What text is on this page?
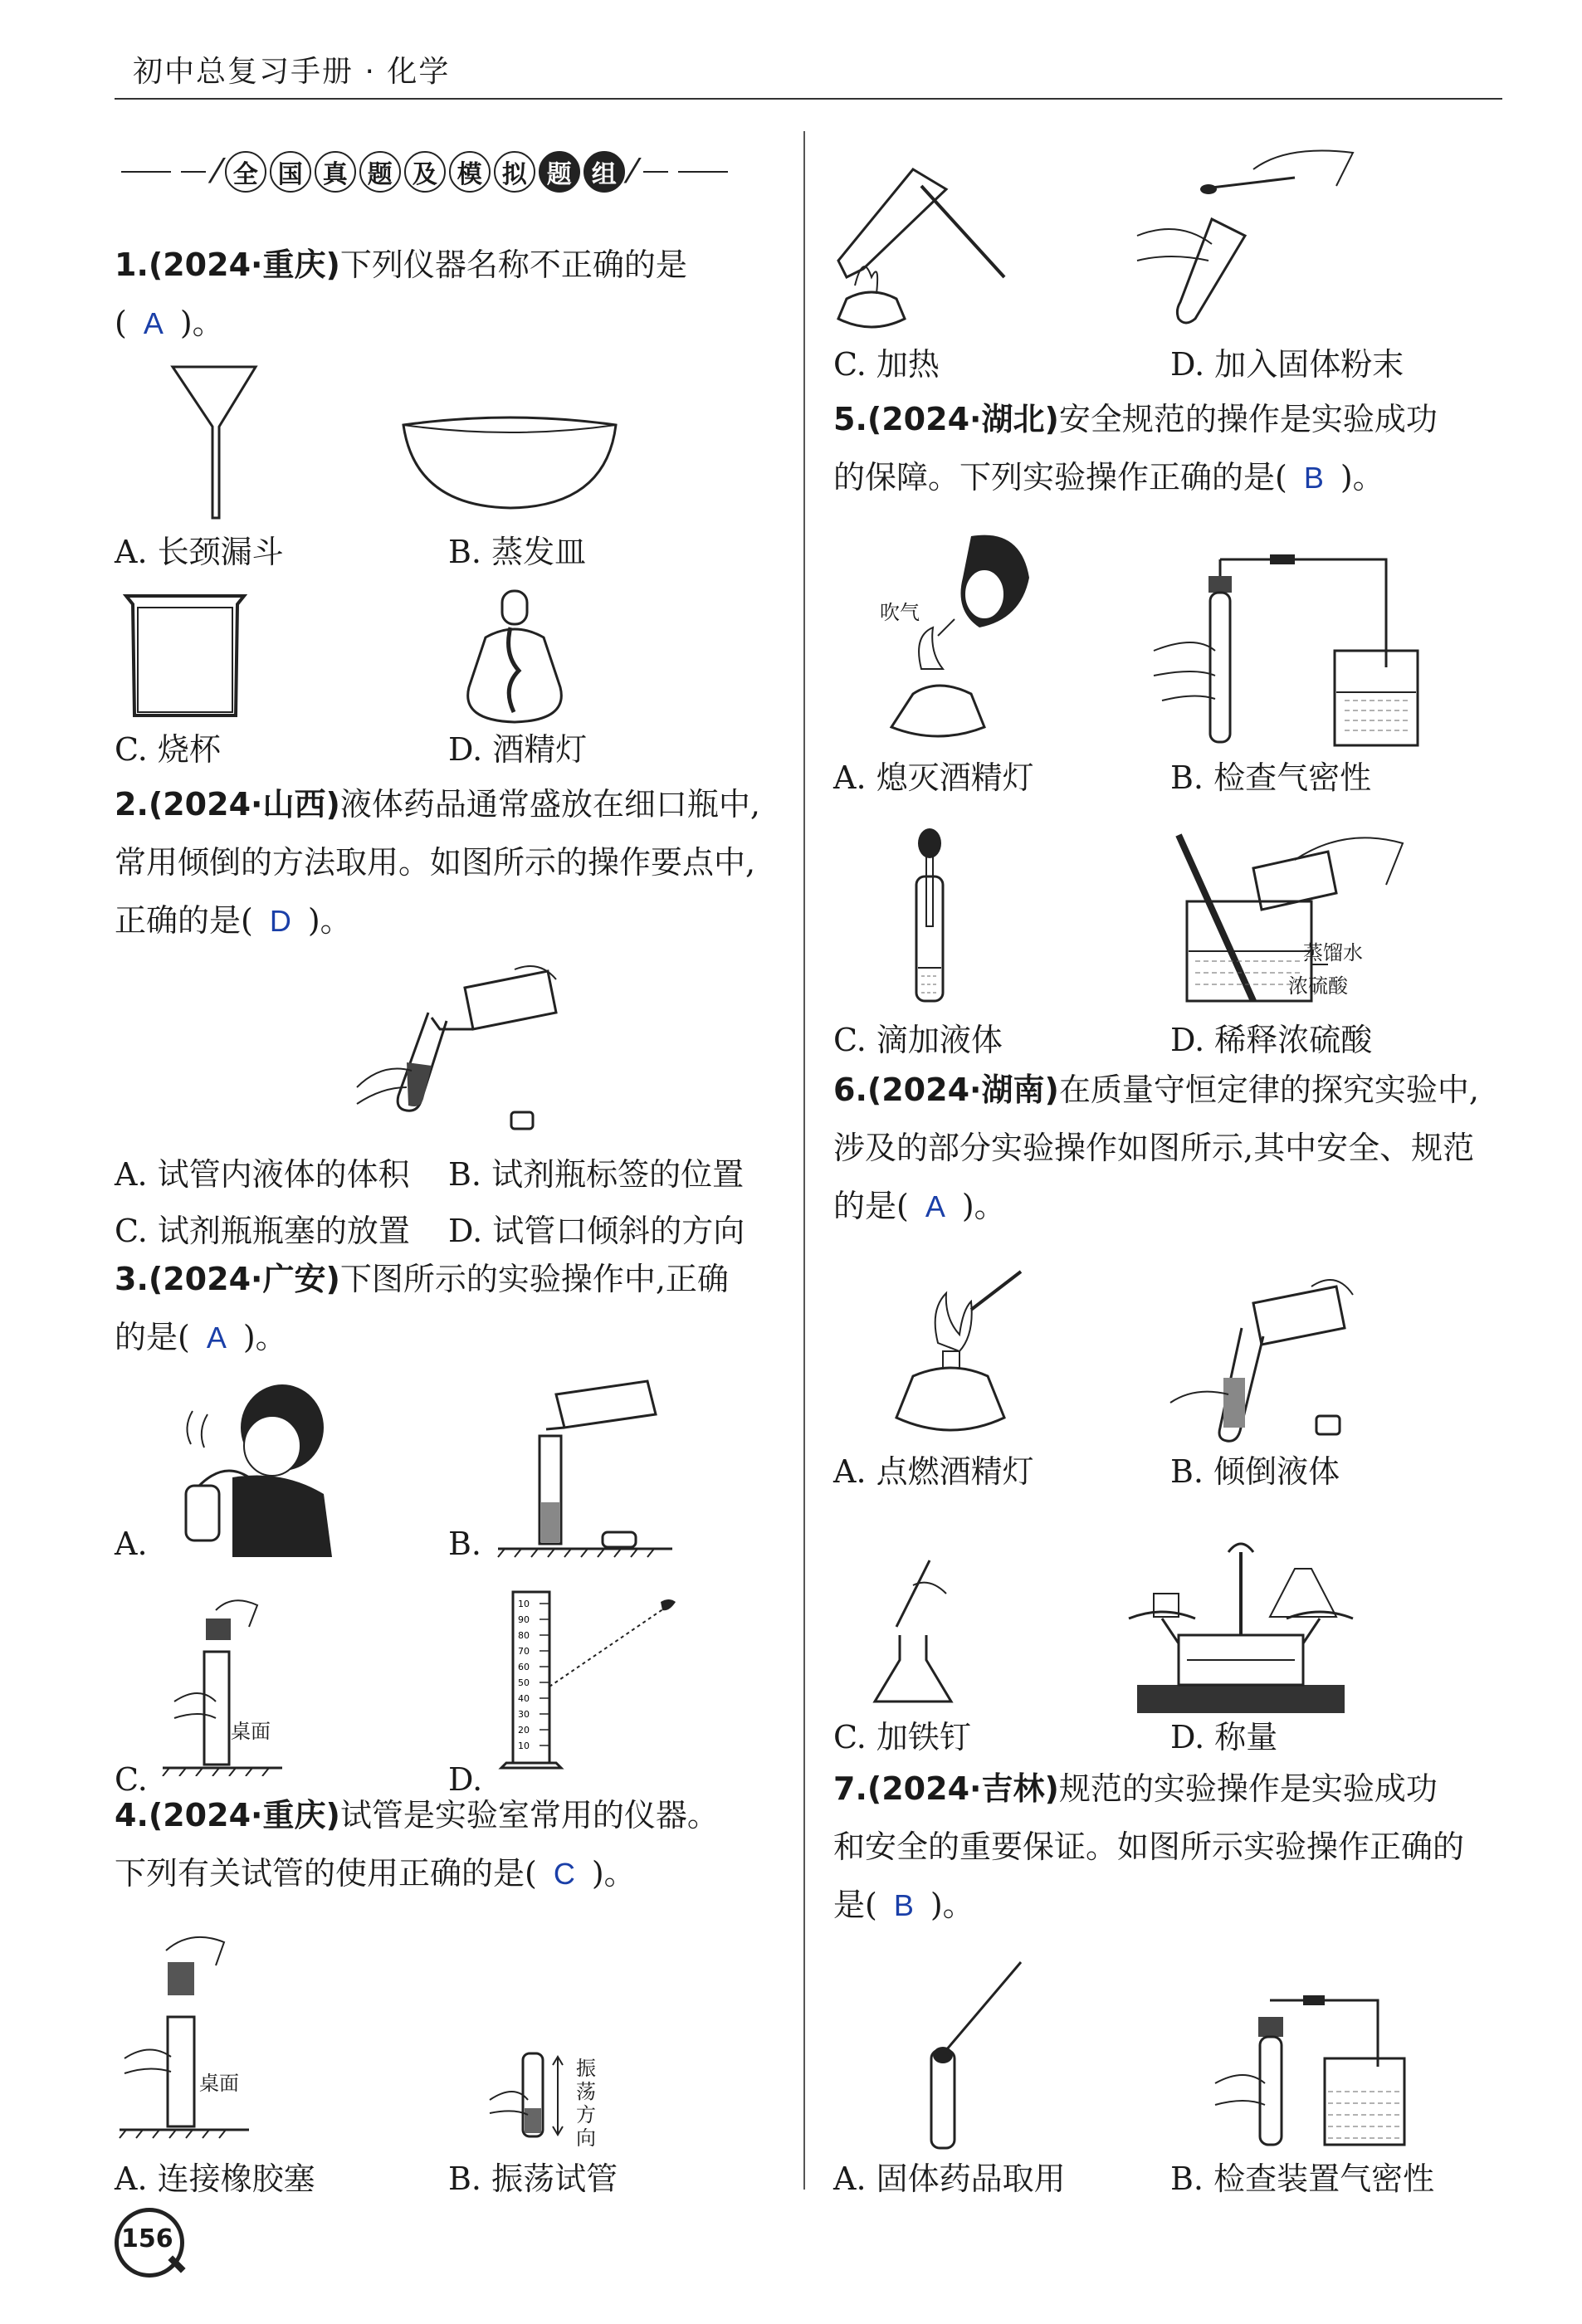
初中总复习手册 · 化学
⁄ 全 国 真 题 及 模 拟 题 组 ⁄
1.(2024·重庆)下列仪器名称不正确的是
( A )。
A. 长颈漏斗	B. 蒸发皿
C. 烧杯	D. 酒精灯
2.(2024·山西)液体药品通常盛放在细口瓶中,
常用倾倒的方法取用。如图所示的操作要点中,
正确的是( D )。
A. 试管内液体的体积 B. 试剂瓶标签的位置
C. 试剂瓶瓶塞的放置 D. 试管口倾斜的方向
3.(2024·广安)下图所示的实验操作中,正确
的是( A )。
A.	B.
桌面
10
90
80
70
60
50
40
30
20
10
C.	D.
4.(2024·重庆)试管是实验室常用的仪器。
下列有关试管的使用正确的是( C )。
桌面
振荡方向
A. 连接橡胶塞	B. 振荡试管
C. 加热	D. 加入固体粉末
5.(2024·湖北)安全规范的操作是实验成功
的保障。下列实验操作正确的是( B )。
吹气
A. 熄灭酒精灯	B. 检查气密性
蒸馏水
浓硫酸
C. 滴加液体	D. 稀释浓硫酸
6.(2024·湖南)在质量守恒定律的探究实验中,
涉及的部分实验操作如图所示,其中安全、规范
的是( A )。
A. 点燃酒精灯	B. 倾倒液体
C. 加铁钉	D. 称量
7.(2024·吉林)规范的实验操作是实验成功
和安全的重要保证。如图所示实验操作正确的
是( B )。
A. 固体药品取用	B. 检查装置气密性
156
